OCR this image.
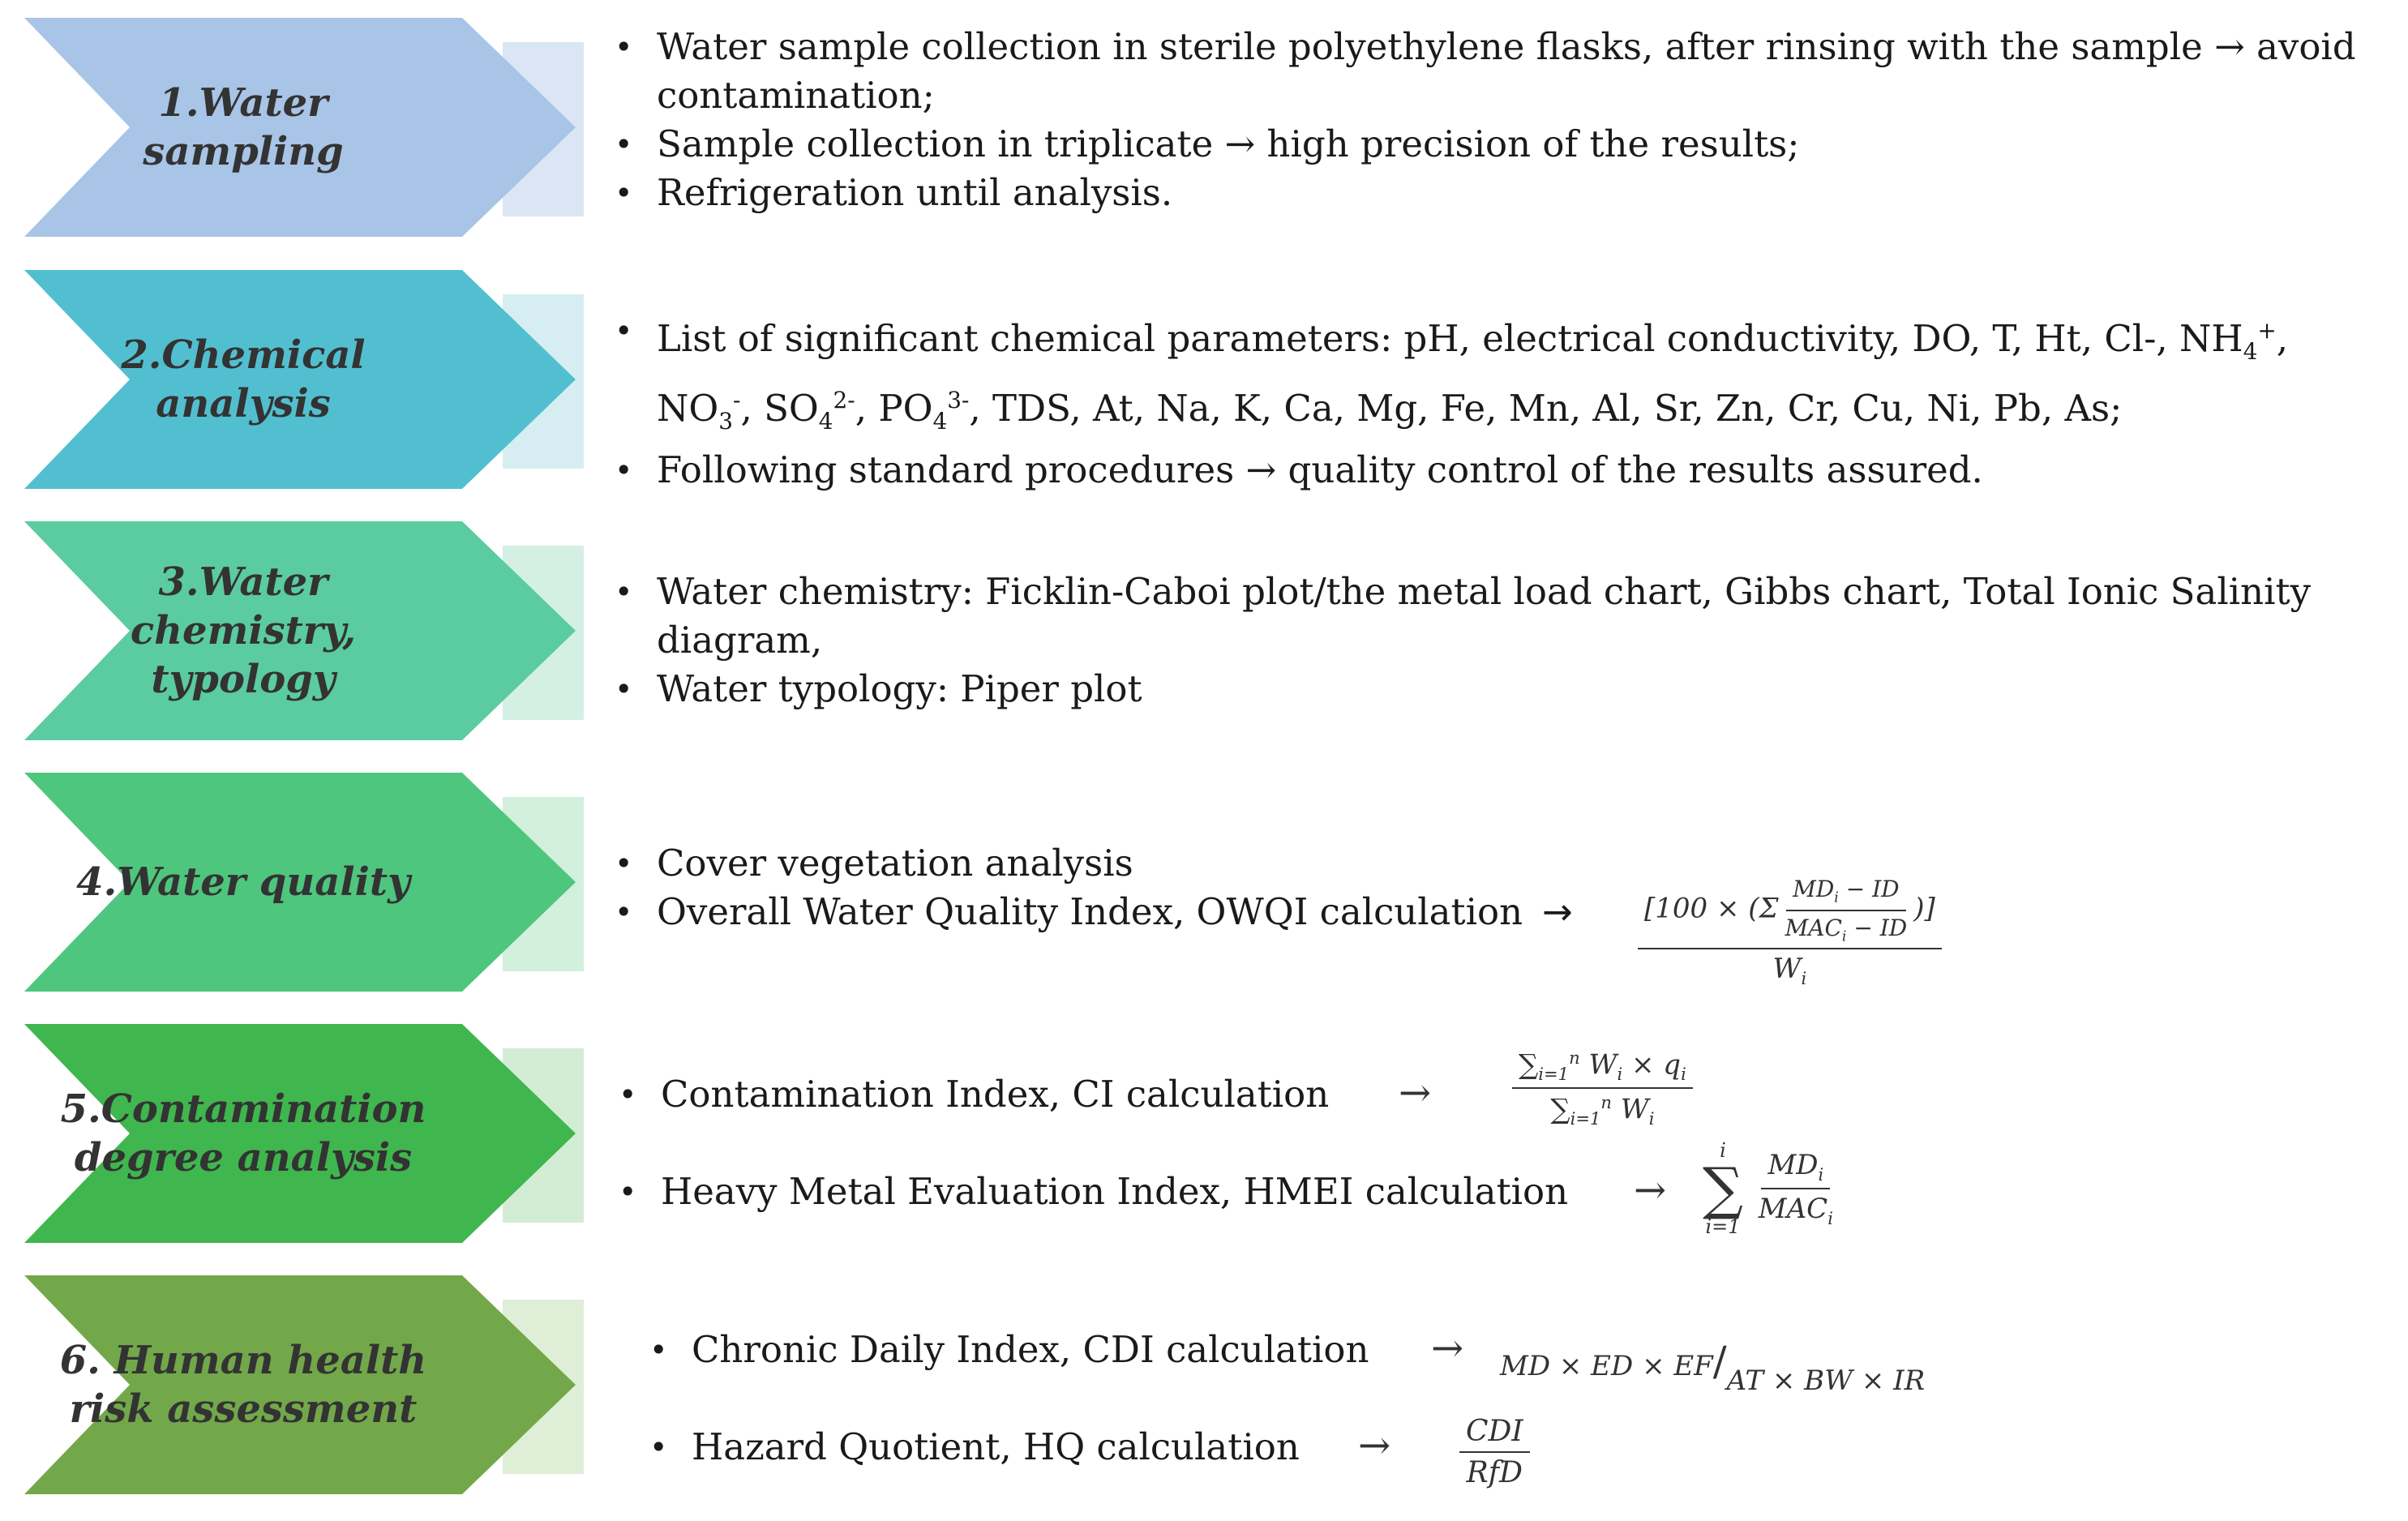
1.Water
sampling
• Water sample collection in sterile polyethylene flasks, after rinsing with the sample → avoid contamination;
• Sample collection in triplicate → high precision of the results;
• Refrigeration until analysis.
2.Chemical
analysis
• List of significant chemical parameters: pH, electrical conductivity, DO, T, Ht, Cl-, $NH_4^+$, $NO_3^-$, $SO_4^{2-}$, $PO_4^{3-}$, TDS, At, Na, K, Ca, Mg, Fe, Mn, Al, Sr, Zn, Cr, Cu, Ni, Pb, As;
• Following standard procedures → quality control of the results assured.
3.Water chemistry,
typology
• Water chemistry: Ficklin-Caboi plot/the metal load chart, Gibbs chart, Total Ionic Salinity diagram,
• Water typology: Piper plot
4.Water quality
•	Cover vegetation analysis
• Overall Water Quality Index, OWQI calculation →	$\frac{[100 \times (\Sigma \frac{MD_i - ID}{MAC_i - ID} )]}{W_i}$
5.Contamination
degree analysis
• Contamination Index, CI calculation	→	$\frac{\sum_{i=1}^n W_i \times q_i}{\sum_{i=1}^n W_i}$
• Heavy Metal Evaluation Index, HMEI calculation	→
i
∑
i=1
$\frac{MD_i}{MAC_i}$
6. Human health
risk assessment
• Chronic Daily Index, CDI calculation	→ MD × ED × EF/AT × BW × IR
• Hazard Quotient, HQ calculation	→ $\frac{\text{CDI}}{\text{RfD}}$
